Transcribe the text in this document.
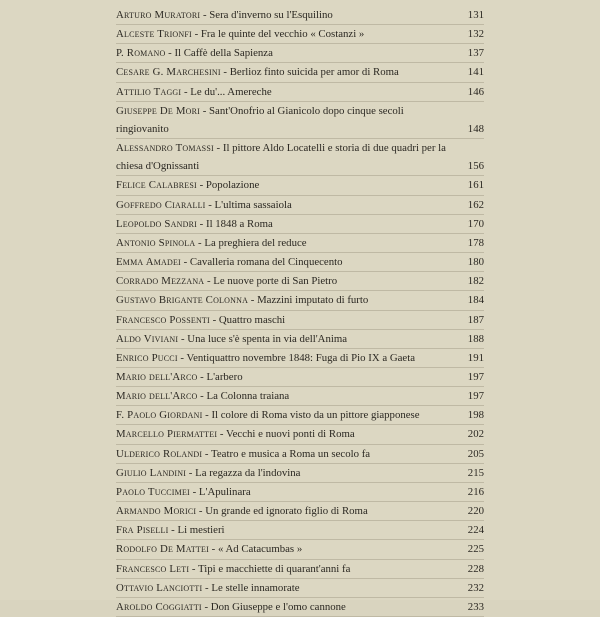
Arturo Muratori - Sera d'inverno su l'Esquilino	131
Alceste Trionfi - Fra le quinte del vecchio « Costanzi »	132
P. Romano - Il Caffè della Sapienza	137
Cesare G. Marchesini - Berlioz finto suicida per amor di Roma	141
Attilio Taggi - Le du'... Amereche	146
Giuseppe De Mori - Sant'Onofrio al Gianicolo dopo cinque secoli ringiovanito	148
Alessandro Tomassi - Il pittore Aldo Locatelli e storia di due quadri per la chiesa d'Ognissanti	156
Felice Calabresi - Popolazione	161
Goffredo Ciaralli - L'ultima sassaiola	162
Leopoldo Sandri - Il 1848 a Roma	170
Antonio Spinola - La preghiera del reduce	178
Emma Amadei - Cavalleria romana del Cinquecento	180
Corrado Mezzana - Le nuove porte di San Pietro	182
Gustavo Brigante Colonna - Mazzini imputato di furto	184
Francesco Possenti - Quattro maschi	187
Aldo Viviani - Una luce s'è spenta in via dell'Anima	188
Enrico Pucci - Ventiquattro novembre 1848: Fuga di Pio IX a Gaeta	191
Mario dell'Arco - L'arbero	197
Mario dell'Arco - La Colonna traiana	197
F. Paolo Giordani - Il colore di Roma visto da un pittore giapponese	198
Marcello Piermattei - Vecchi e nuovi ponti di Roma	202
Ulderico Rolandi - Teatro e musica a Roma un secolo fa	205
Giulio Landini - La regazza da l'indovina	215
Paolo Tuccimei - L'Apulinara	216
Armando Morici - Un grande ed ignorato figlio di Roma	220
Fra Piselli - Li mestieri	224
Rodolfo De Mattei - « Ad Catacumbas »	225
Francesco Leti - Tipi e macchiette di quarant'anni fa	228
Ottavio Lanciotti - Le stelle innamorate	232
Aroldo Coggiatti - Don Giuseppe e l'omo cannone	233
